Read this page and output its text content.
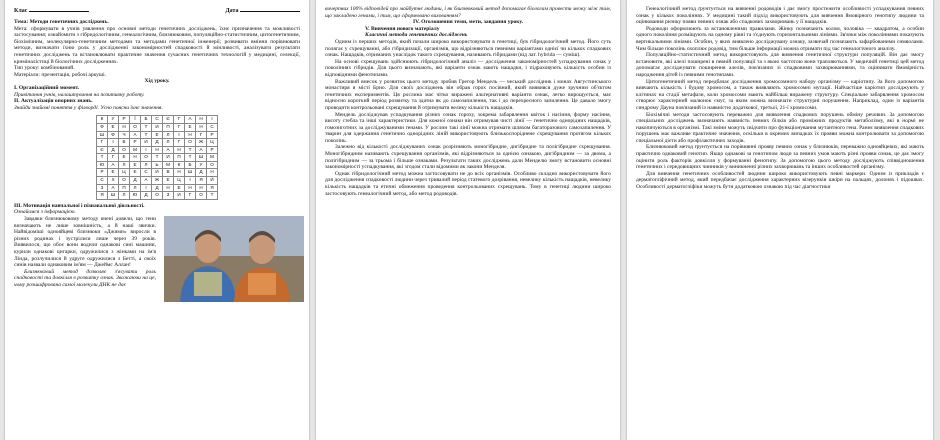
Клас	Дата

Тема: Методи генетичних досліджень.

Мета: сформувати в учнів уявлення про основні методи генетичних досліджень, їхнє призначення та можливості застосування; ознайомити з гібридологічним, генеалогічним, близнюковим, популяційно-статистичним, цитогенетичним, біохімічним, молекулярно-генетичним методами та методами генетичної інженерії; розвивати вміння порівнювати методи, визначати їхню роль у дослідженні закономірностей спадковості й мінливості, аналізувати результати генетичних досліджень та встановлювати практичне значення сучасних генетичних технологій у медицині, селекції, криміналістиці й біологічних дослідженнях.

Тип уроку: комбінований.

Матеріали: презентація, робочі аркуші.

Хід уроку.

I. Організаційний момент.

Привітання учнів, налаштування на позитивну роботу.

II. Актуалізація опорних знань.

Знайди знайомі поняття у філворді. Усно поясни їхнє значення.

К	У	Р	Ї	Б	С	Є	Г	А	Н	І
Ф	Е	Н	О	Т	И	П	Г	Е	Н	С
Ш	Ф	Ч	А	Т	Е	Л	І	Н	Г	Р
Г	І	Б	Р	И	Д	Л	Г	О	Ж	Ц
Є	Д	О	М	І	Н	А	Н	Т	А	Р
Т	Г	Е	Н	О	Т	И	П	Т	Ш	М
Ю	А	Л	Е	Л	Ь	М	К	Б	У	О
Р	Е	Ц	Е	С	И	В	Н	Ш	Д	Н
С	Х	О	Д	А	Ж	Е	Ц	І	Я	Й
З	А	П	Л	І	Д	Н	Е	Н	Н	Я
Я	Ш	Л	Ю	Д	О	З	И	Г	О	Т

III. Мотивація навчальної і пізнавальної діяльності.

Ознайомся з інформацією.

Завдяки близнюковому методу вчені довели, що гени визначають не лише зовнішність, а й наші звички. Найвідоміші однояйцеві близнюки «Джими» виросли в різних родинах і зустрілися лише через 39 років. Виявилося, що обоє вони водили однакові сині машини, курили однакові цигарки, одружилися з жінками на ім'я Лінда, розлучилися й удруге одружилися з Бетті, а своїх синів назвали однаковим ім'ям — Джеймс Аллан!

Близнюковий метод дозволяє з'ясувати роль спадковості та довкілля в розвитку ознак. Зважаючи на це, чому розшифрована самої молекули ДНК не дає

вичерпних 100% відповідей про майбутнє людини, і як близнюковий метод допомагає біологам провести межу між тим, що закладено генами, і тим, що сформовано вихованням?

IV. Оголошення теми, мети, завдання уроку.

V. Вивчення нового матеріалу

Класичні методи генетичних досліджень

Одним із перших методів, який почали широко використовувати в генетиці, був гібридологічний метод. Його суть полягає у схрещуванні, або гібридизації, організмів, що відрізняються певними варіантами однієї чи кількох спадкових ознак. Нащадків, отриманих унаслідок такого схрещування, називають гібридами (від лат. hybrida — суміш).

На основі схрещувань здійснюють гібридологічний аналіз — дослідження закономірностей успадкування ознак у поколіннях гібридів. Для цього визначають, які варіанти ознак мають нащадки, і підраховують кількість особин із відповідними фенотипами.

Важливий внесок у розвиток цього методу зробив Грегор Мендель — чеський дослідник і монах Августинського монастиря в місті Брно. Для своїх досліджень він обрав горох посівний, який виявився дуже зручним об'єктом генетичних експериментів. Ця рослина має чітко виражені альтернативні варіанти ознак, легко вирощується, має відносно короткий період розвитку та здатна як до самозапилення, так і до перехресного запилення. Це давало змогу проводити контрольовані схрещування й отримувати велику кількість нащадків.

Мендель досліджував успадкування різних ознак гороху, зокрема забарвлення квіток і насіння, форму насіння, висоту стебла та інші характеристики. Для кожної ознаки він отримував чисті лінії — генетично однорідних нащадків, гомозиготних за досліджуваними генами. У рослин такі лінії можна отримати шляхом багаторазового самозапилення. У тварин для одержання генетично однорідних ліній використовують близькоспоріднене схрещування протягом кількох поколінь.

Залежно від кількості досліджуваних ознак розрізняють моногібридне, дигібридне та полігібридне схрещування. Моногібридним називають схрещування організмів, які відрізняються за однією ознакою, дигібридним — за двома, а полігібридним — за трьома і більше ознаками. Результати таких досліджень дали Менделю змогу встановити основні закономірності успадкування, які згодом стали відомими як закони Менделя.

Однак гібридологічний метод можна застосовувати не до всіх організмів. Особливо складно використовувати його для дослідження спадковості людини через тривалий період статевого дозрівання, невелику кількість нащадків, невелику кількість нащадків та етичні обмеження проведення контрольованих схрещувань. Тому в генетиці людини широко застосовують генеалогічний метод, або метод родоводів.

Генеалогічний метод ґрунтується на вивченні родоводів і дає змогу простежити особливості успадкування певних ознак у кількох поколіннях. У медицині такий підхід використовують для вивчення ймовірного генотипу людини та оцінювання ризику появи певних ознак або спадкових захворювань у її нащадків.

Родоводи оформлюють за встановленими правилами. Жінку позначають колом, чоловіка — квадратом, а особин одного покоління розміщують на одному рівні та з'єднують горизонтальними лініями. Зв'язки між поколіннями показують вертикальними лініями. Особин, у яких виявлено досліджувану ознаку, зазвичай позначають зафарбованими символами. Чим більше поколінь охоплює родовід, тим більше інформації можна отримати під час генеалогічного аналізу.

Популяційно-статистичний метод використовують для вивчення генетичної структури популяцій. Він дає змогу встановити, які алелі поширені в певній популяції та з якою частотою вони трапляються. У медичній генетиці цей метод допомагає досліджувати поширення алелів, пов'язаних зі спадковими захворюваннями, та оцінювати ймовірність народження дітей із певними генотипами.

Цитогенетичний метод передбачає дослідження хромосомного набору організму — каріотипу. За його допомогою вивчають кількість і будову хромосом, а також виявляють хромосомні мутації. Найчастіше каріотип досліджують у клітинах на стадії метафази, коли хромосоми мають найбільш виражену структуру. Спеціальне забарвлення хромосом створює характерний малюнок смуг, за яким можна визначати структурні порушення. Наприклад, один із варіантів синдрому Дауна пов'язаний із наявністю додаткової, третьої, 21-ї хромосоми.

Біохімічні методи застосовують переважно для виявлення спадкових порушень обміну речовин. За допомогою спеціальних досліджень визначають наявність певних білків або проміжних продуктів метаболізму, які в нормі не накопичуються в організмі. Такі зміни можуть свідчити про функціонування мутантного гена. Раннє виявлення спадкових порушень має важливе практичне значення, оскільки в окремих випадках їх прояви можна контролювати за допомогою спеціальної дієти або профілактичних заходів.

Близнюковий метод ґрунтується на порівнянні прояву певних ознак у близнюків, переважно однояйцевих, які мають практично однаковий генотип. Якщо однакові за генотипом люди за певних умов мають різні прояви ознак, це дає змогу оцінити роль факторів довкілля у формуванні фенотипу. За допомогою цього методу досліджують співвідношення генетичних і середовищних чинників у виникненні різних захворювань та інших особливостей організму.

Для вивчення генетичних особливостей людини широко використовують певні маркери. Одним із прикладів є дерматогліфічний метод, який передбачає дослідження характерних візерунків шкіри на пальцях, долонях і підошвах. Особливості дерматогліфіки можуть бути додатковою ознакою під час діагностики
